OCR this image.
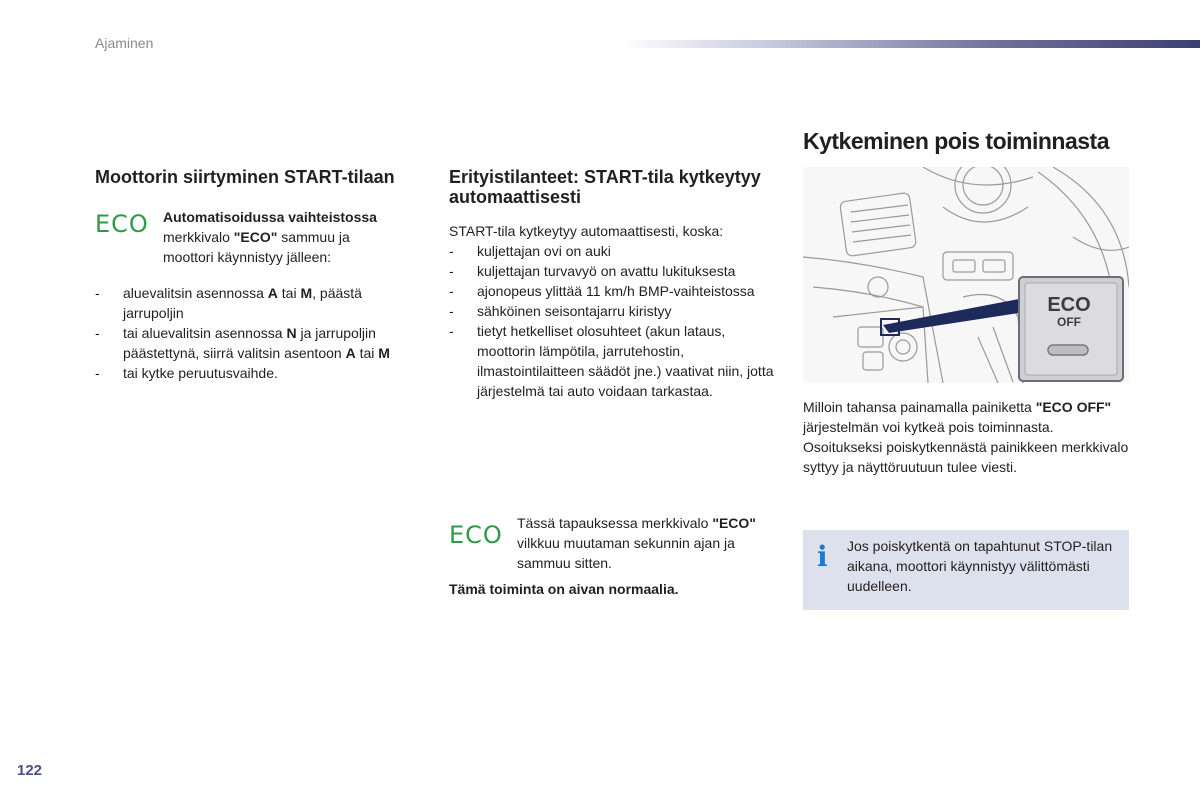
Ajaminen
Moottorin siirtyminen START-tilaan
ECO	Automatisoidussa vaihteistossa merkkivalo "ECO" sammuu ja moottori käynnistyy jälleen:
- aluevalitsin asennossa A tai M, päästä jarrupoljin
- tai aluevalitsin asennossa N ja jarrupoljin päästettynä, siirrä valitsin asentoon A tai M
- tai kytke peruutusvaihde.
Erityistilanteet: START-tila kytkeytyy automaattisesti

START-tila kytkeytyy automaattisesti, koska:

- kuljettajan ovi on auki
- kuljettajan turvavyö on avattu lukituksesta
- ajonopeus ylittää 11 km/h BMP-vaihteistossa
- sähköinen seisontajarru kiristyy
- tietyt hetkelliset olosuhteet (akun lataus, moottorin lämpötila, jarrutehostin, ilmastointilaitteen säädöt jne.) vaativat niin, jotta järjestelmä tai auto voidaan tarkastaa.
ECO	Tässä tapauksessa merkkivalo "ECO" vilkkuu muutaman sekunnin ajan ja sammuu sitten.
Tämä toiminta on aivan normaalia.
Kytkeminen pois toiminnasta
ECO
OFF

Milloin tahansa painamalla painiketta "ECO OFF" järjestelmän voi kytkeä pois toiminnasta.

Osoitukseksi poiskytkennästä painikkeen merkkivalo syttyy ja näyttöruutuun tulee viesti.

i Jos poiskytkentä on tapahtunut STOP-tilan aikana, moottori käynnistyy välittömästi uudelleen.
122
